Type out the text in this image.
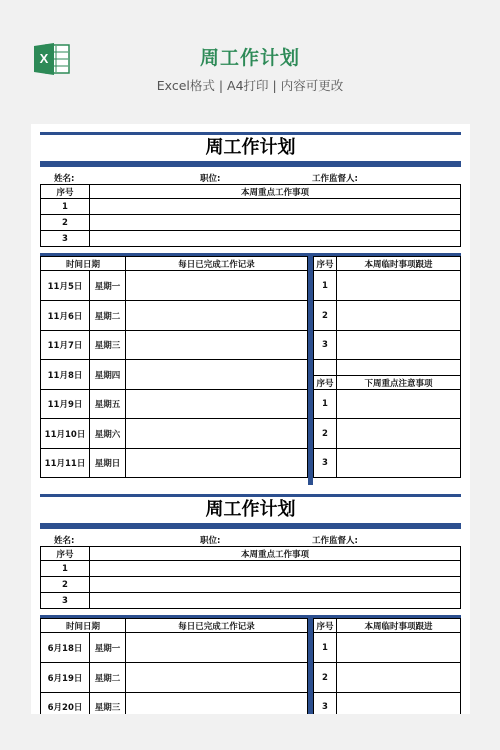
X	周工作计划
Excel格式 | A4打印 | 内容可更改
周工作计划
姓名:	职位:	工作监督人:
序号	本周重点工作事项
1	
2	
3	
时间日期		每日已完成工作记录
11月5日	星期一	
11月6日	星期二	
11月7日	星期三	
11月8日	星期四	
11月9日	星期五	
11月10日	星期六	
11月11日	星期日	
序号	本周临时事项跟进
1	
2	
3	

序号	下周重点注意事项
1	
2	
3	
周工作计划
姓名:	职位:	工作监督人:
序号	本周重点工作事项
1	
2	
3	
时间日期		每日已完成工作记录
6月18日	星期一	
6月19日	星期二	
6月20日	星期三	
序号	本周临时事项跟进
1	
2	
3	
